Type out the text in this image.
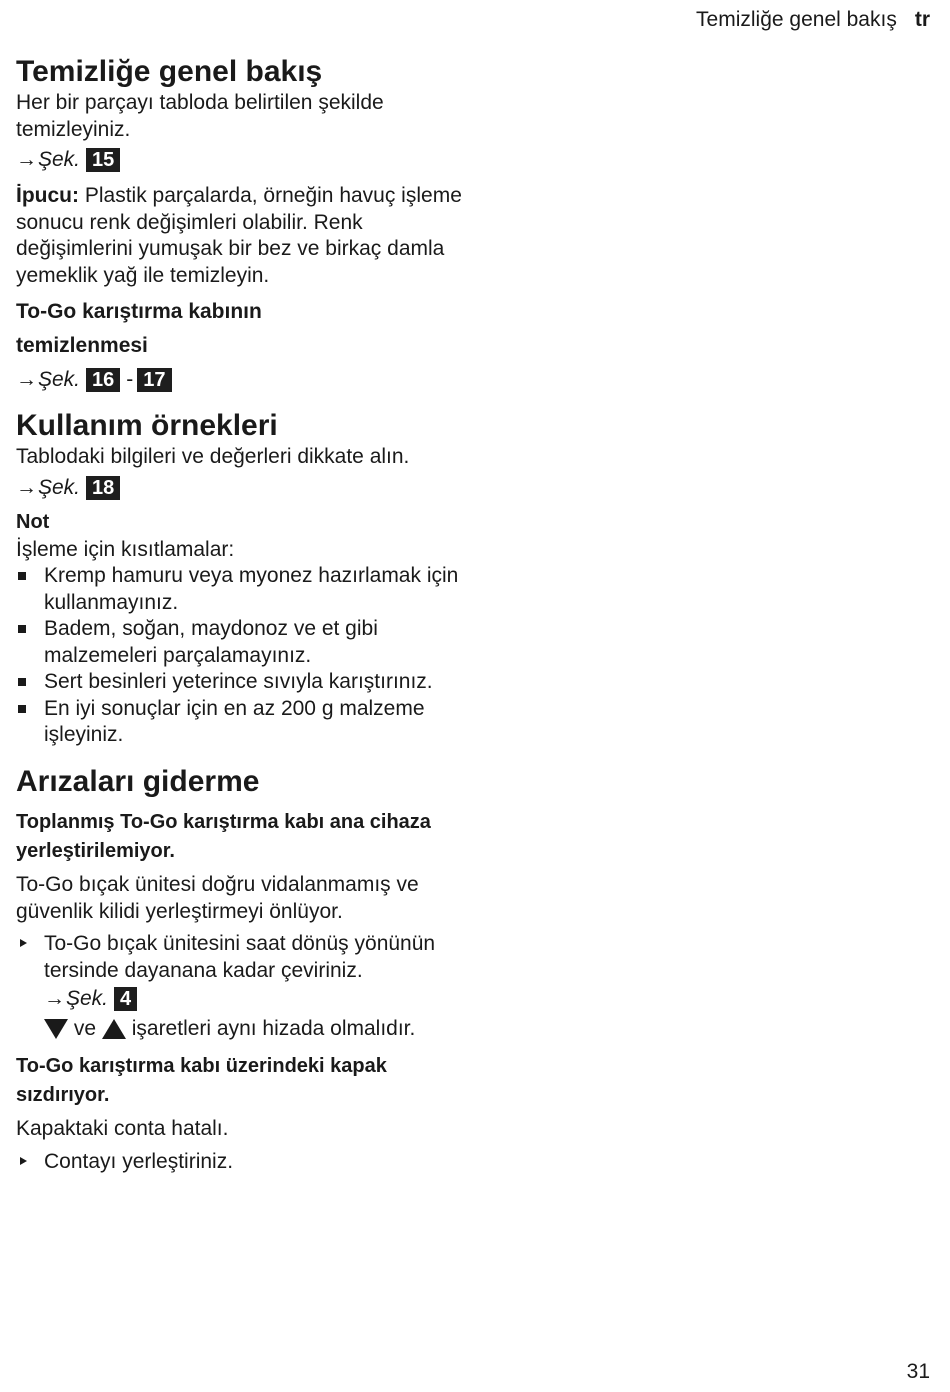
Temizliğe genel bakış tr
Temizliğe genel bakış

Her bir parçayı tabloda belirtilen şekilde temizleyiniz.

→Şek. 15

İpucu: Plastik parçalarda, örneğin havuç işleme sonucu renk değişimleri olabilir. Renk değişimlerini yumuşak bir bez ve birkaç damla yemeklik yağ ile temizleyin.

To-Go karıştırma kabının temizlenmesi
→Şek. 16 - 17
Kullanım örnekleri

Tablodaki bilgileri ve değerleri dikkate alın.

→Şek. 18
Not

İşleme için kısıtlamalar:

Kremp hamuru veya myonez hazırlamak için kullanmayınız.
Badem, soğan, maydonoz ve et gibi malzemeleri parçalamayınız.
Sert besinleri yeterince sıvıyla karıştırınız.
En iyi sonuçlar için en az 200 g malzeme işleyiniz.
Arızaları giderme
Toplanmış To-Go karıştırma kabı ana cihaza yerleştirilemiyor.

To-Go bıçak ünitesi doğru vidalanmamış ve güvenlik kilidi yerleştirmeyi önlüyor.

To-Go bıçak ünitesini saat dönüş yönünün tersinde dayanana kadar çeviriniz.
→Şek. 4
ve işaretleri aynı hizada olmalıdır.
To-Go karıştırma kabı üzerindeki kapak sızdırıyor.

Kapaktaki conta hatalı.

Contayı yerleştiriniz.
31
